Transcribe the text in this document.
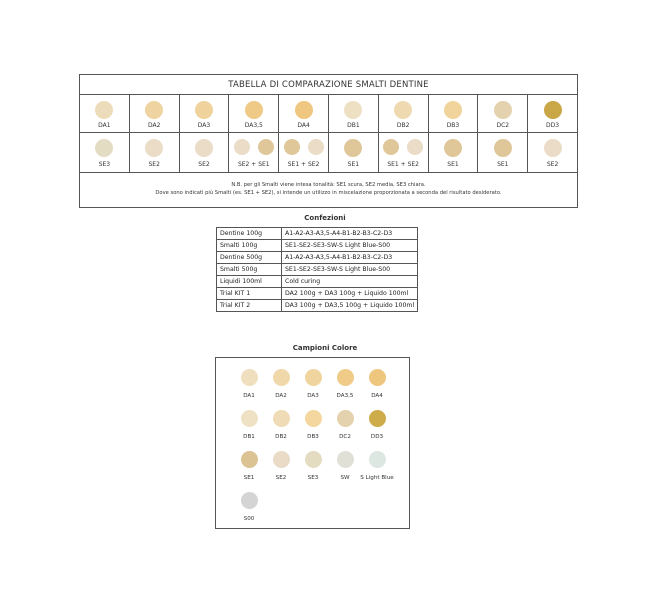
TABELLA DI COMPARAZIONE SMALTI DENTINE
DA1	DA2	DA3	DA3,5	DA4	DB1	DB2	DB3	DC2	DD3
SE3	SE2	SE2	SE2 + SE1	SE1 + SE2	SE1	SE1 + SE2	SE1	SE1	SE2
N.B. per gli Smalti viene intesa tonalità: SE1 scura, SE2 media, SE3 chiara.
Dove sono indicati più Smalti (es. SE1 + SE2), si intende un utilizzo in miscelazione proporzionata a seconda del risultato desiderato.
Confezioni
Dentine 100g	A1-A2-A3-A3,5-A4-B1-B2-B3-C2-D3
Smalti 100g	SE1-SE2-SE3-SW-S Light Blue-S00
Dentine 500g	A1-A2-A3-A3,5-A4-B1-B2-B3-C2-D3
Smalti 500g	SE1-SE2-SE3-SW-S Light Blue-S00
Liquidi 100ml	Cold curing
Trial KIT 1	DA2 100g + DA3 100g + Liquido 100ml
Trial KIT 2	DA3 100g + DA3,5 100g + Liquido 100ml
Campioni Colore
DA1	DA2	DA3	DA3,5	DA4
DB1	DB2	DB3	DC2	DD3
SE1	SE2	SE3	SW	S Light Blue
S00
